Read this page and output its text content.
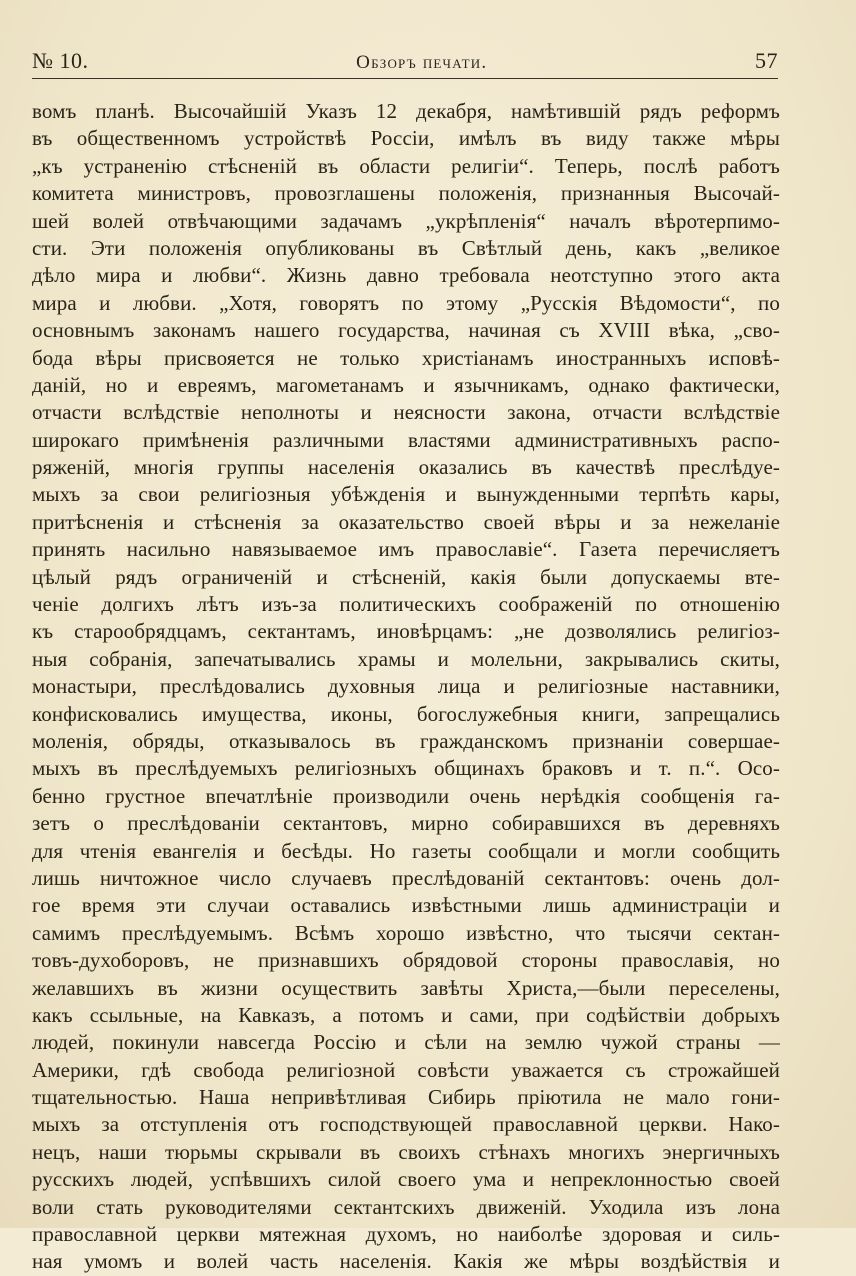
№ 10.	Обзоръ печати.	57
вомъ планѣ. Высочайшій Указъ 12 декабря, намѣтившій рядъ реформъ
въ общественномъ устройствѣ Россіи, имѣлъ въ виду также мѣры
„къ устраненію стѣсненій въ области религіи“. Теперь, послѣ работъ
комитета министровъ, провозглашены положенія, признанныя Высочай-
шей волей отвѣчающими задачамъ „укрѣпленія“ началъ вѣротерпимо-
сти. Эти положенія опубликованы въ Свѣтлый день, какъ „великое
дѣло мира и любви“. Жизнь давно требовала неотступно этого акта
мира и любви. „Хотя, говорятъ по этому „Русскія Вѣдомости“, по
основнымъ законамъ нашего государства, начиная съ XVIII вѣка, „сво-
бода вѣры присвояется не только христіанамъ иностранныхъ исповѣ-
даній, но и евреямъ, магометанамъ и язычникамъ, однако фактически,
отчасти вслѣдствіе неполноты и неясности закона, отчасти вслѣдствіе
широкаго примѣненія различными властями административныхъ распо-
ряженій, многія группы населенія оказались въ качествѣ преслѣдуе-
мыхъ за свои религіозныя убѣжденія и вынужденными терпѣть кары,
притѣсненія и стѣсненія за оказательство своей вѣры и за нежеланіе
принять насильно навязываемое имъ православіе“. Газета перечисляетъ
цѣлый рядъ ограниченій и стѣсненій, какія были допускаемы вте-
ченіе долгихъ лѣтъ изъ-за политическихъ соображеній по отношенію
къ старообрядцамъ, сектантамъ, иновѣрцамъ: „не дозволялись религіоз-
ныя собранія, запечатывались храмы и молельни, закрывались скиты,
монастыри, преслѣдовались духовныя лица и религіозные наставники,
конфисковались имущества, иконы, богослужебныя книги, запрещались
моленія, обряды, отказывалось въ гражданскомъ признаніи совершае-
мыхъ въ преслѣдуемыхъ религіозныхъ общинахъ браковъ и т. п.“. Осо-
бенно грустное впечатлѣніе производили очень нерѣдкія сообщенія га-
зетъ о преслѣдованіи сектантовъ, мирно собиравшихся въ деревняхъ
для чтенія евангелія и бесѣды. Но газеты сообщали и могли сообщить
лишь ничтожное число случаевъ преслѣдованій сектантовъ: очень дол-
гое время эти случаи оставались извѣстными лишь администраціи и
самимъ преслѣдуемымъ. Всѣмъ хорошо извѣстно, что тысячи сектан-
товъ-духоборовъ, не признавшихъ обрядовой стороны православія, но
желавшихъ въ жизни осуществить завѣты Христа,—были переселены,
какъ ссыльные, на Кавказъ, а потомъ и сами, при содѣйствіи добрыхъ
людей, покинули навсегда Россію и сѣли на землю чужой страны —
Америки, гдѣ свобода религіозной совѣсти уважается съ строжайшей
тщательностью. Наша непривѣтливая Сибирь пріютила не мало гони-
мыхъ за отступленія отъ господствующей православной церкви. Нако-
нецъ, наши тюрьмы скрывали въ своихъ стѣнахъ многихъ энергичныхъ
русскихъ людей, успѣвшихъ силой своего ума и непреклонностью своей
воли стать руководителями сектантскихъ движеній. Уходила изъ лона
православной церкви мятежная духомъ, но наиболѣе здоровая и силь-
ная умомъ и волей часть населенія. Какія же мѣры воздѣйствія и
